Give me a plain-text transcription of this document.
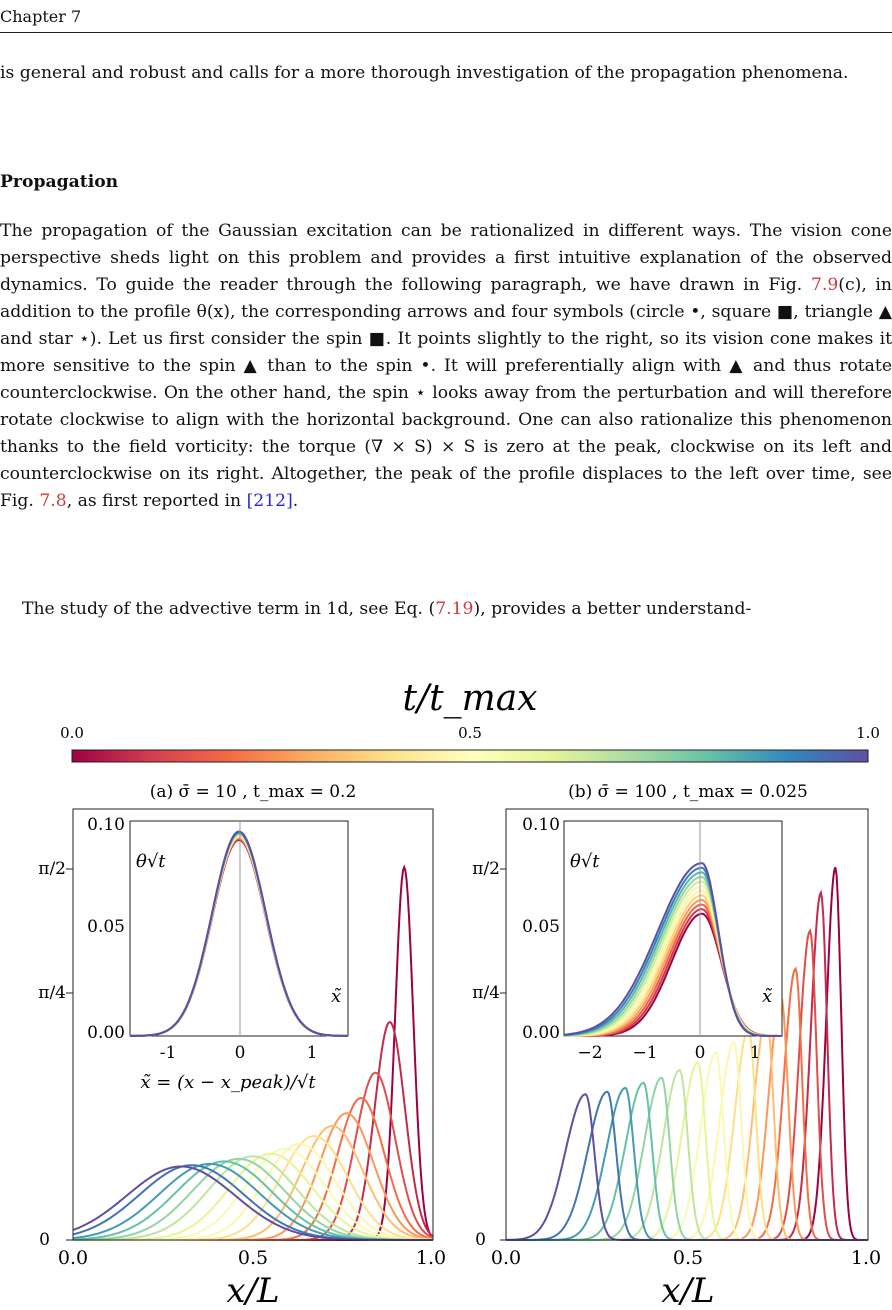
Chapter 7
is general and robust and calls for a more thorough investigation of the propagation phenomena.
Propagation
The propagation of the Gaussian excitation can be rationalized in different ways. The vision cone perspective sheds light on this problem and provides a first intuitive explanation of the observed dynamics. To guide the reader through the following paragraph, we have drawn in Fig. 7.9(c), in addition to the profile θ(x), the corresponding arrows and four symbols (circle •, square ■, triangle ▲ and star ⋆). Let us first consider the spin ■. It points slightly to the right, so its vision cone makes it more sensitive to the spin ▲ than to the spin •. It will preferentially align with ▲ and thus rotate counterclockwise. On the other hand, the spin ⋆ looks away from the perturbation and will therefore rotate clockwise to align with the horizontal background. One can also rationalize this phenomenon thanks to the field vorticity: the torque (∇ × S) × S is zero at the peak, clockwise on its left and counterclockwise on its right. Altogether, the peak of the profile displaces to the left over time, see Fig. 7.8, as first reported in [212].
The study of the advective term in 1d, see Eq. (7.19), provides a better understand-
t/t_max
0.0	0.5	1.0
(a) σ̄ = 10 , t_max = 0.2	(b) σ̄ = 100 , t_max = 0.025
0
π/4
π/2
0.0	0.5	1.0
x/L
θ√t
x̃
0.00
0.05
0.10
-1	0	1
x̃ = (x − x_peak)/√t
0
π/4
π/2
0.0	0.5	1.0
x/L
θ√t
x̃
0.00
0.05
0.10
−2 −1 0	1
